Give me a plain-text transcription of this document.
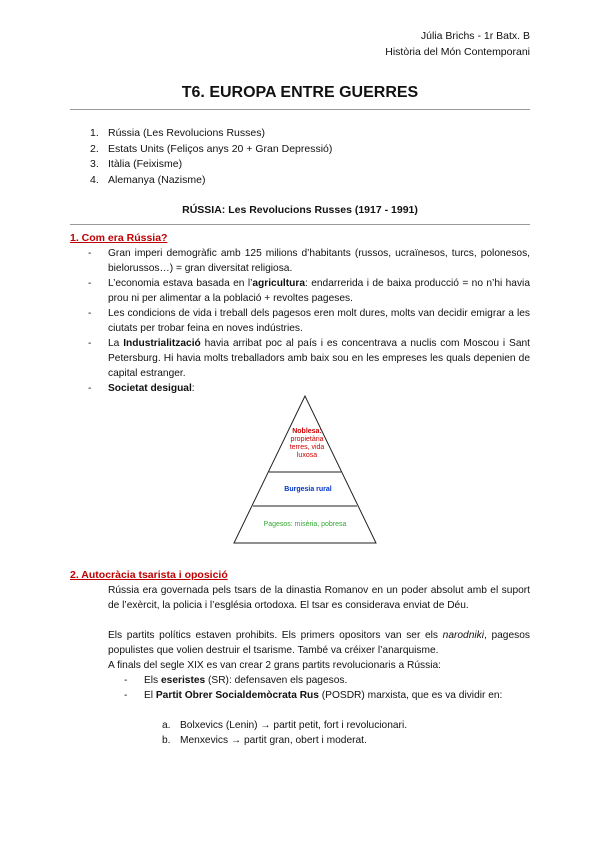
Júlia Brichs - 1r Batx. B
Història del Món Contemporani
T6. EUROPA ENTRE GUERRES
1. Rússia (Les Revolucions Russes)
2. Estats Units (Feliços anys 20 + Gran Depressió)
3. Itàlia (Feixisme)
4. Alemanya (Nazisme)
RÚSSIA: Les Revolucions Russes (1917 - 1991)
1. Com era Rússia?
- Gran imperi demogràfic amb 125 milions d’habitants (russos, ucraïnesos, turcs, polonesos, bielorussos…) = gran diversitat religiosa.
- L’economia estava basada en l’agricultura: endarrerida i de baixa producció = no n’hi havia prou ni per alimentar a la població + revoltes pageses.
- Les condicions de vida i treball dels pagesos eren molt dures, molts van decidir emigrar a les ciutats per trobar feina en noves indústries.
- La Industrialització havia arribat poc al país i es concentrava a nuclis com Moscou i Sant Petersburg. Hi havia molts treballadors amb baix sou en les empreses les quals depenien de capital estranger.
- Societat desigual:
Noblesa:
propietària
terres, vida
luxosa
Burgesia rural
Pagesos: misèria, pobresa
2. Autocràcia tsarista i oposició
Rússia era governada pels tsars de la dinastia Romanov en un poder absolut amb el suport de l’exèrcit, la policia i l’església ortodoxa. El tsar es considerava enviat de Déu.
Els partits polítics estaven prohibits. Els primers opositors van ser els narodniki, pagesos populistes que volien destruir el tsarisme. També va créixer l’anarquisme.
A finals del segle XIX es van crear 2 grans partits revolucionaris a Rússia:
- Els eseristes (SR): defensaven els pagesos.
- El Partit Obrer Socialdemòcrata Rus (POSDR) marxista, que es va dividir en:
a. Bolxevics (Lenin) → partit petit, fort i revolucionari.
b. Menxevics → partit gran, obert i moderat.
